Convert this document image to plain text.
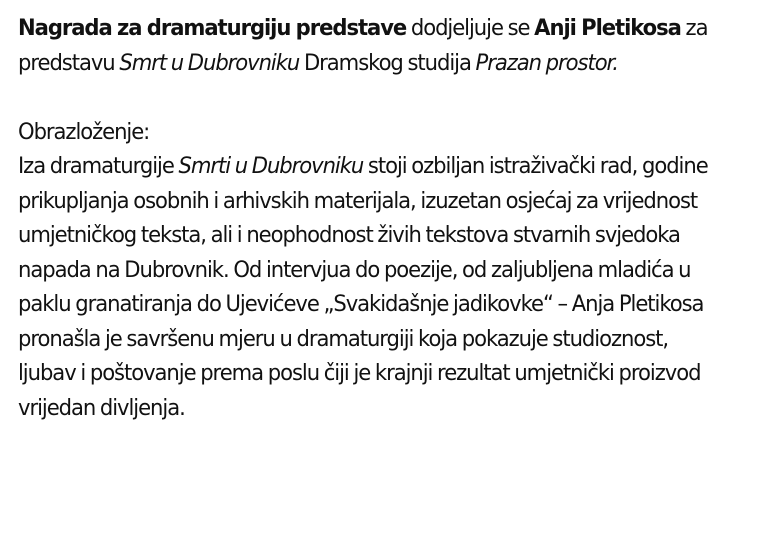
Nagrada za dramaturgiju predstave dodjeljuje se Anji Pletikosa za predstavu Smrt u Dubrovniku Dramskog studija Prazan prostor.

Obrazloženje:

Iza dramaturgije Smrti u Dubrovniku stoji ozbiljan istraživački rad, godine prikupljanja osobnih i arhivskih materijala, izuzetan osjećaj za vrijednost umjetničkog teksta, ali i neophodnost živih tekstova stvarnih svjedoka napada na Dubrovnik. Od intervjua do poezije, od zaljubljena mladića u paklu granatiranja do Ujevićeve „Svakidašnje jadikovke“ – Anja Pletikosa pronašla je savršenu mjeru u dramaturgiji koja pokazuje studioznost, ljubav i poštovanje prema poslu čiji je krajnji rezultat umjetnički proizvod vrijedan divljenja.
